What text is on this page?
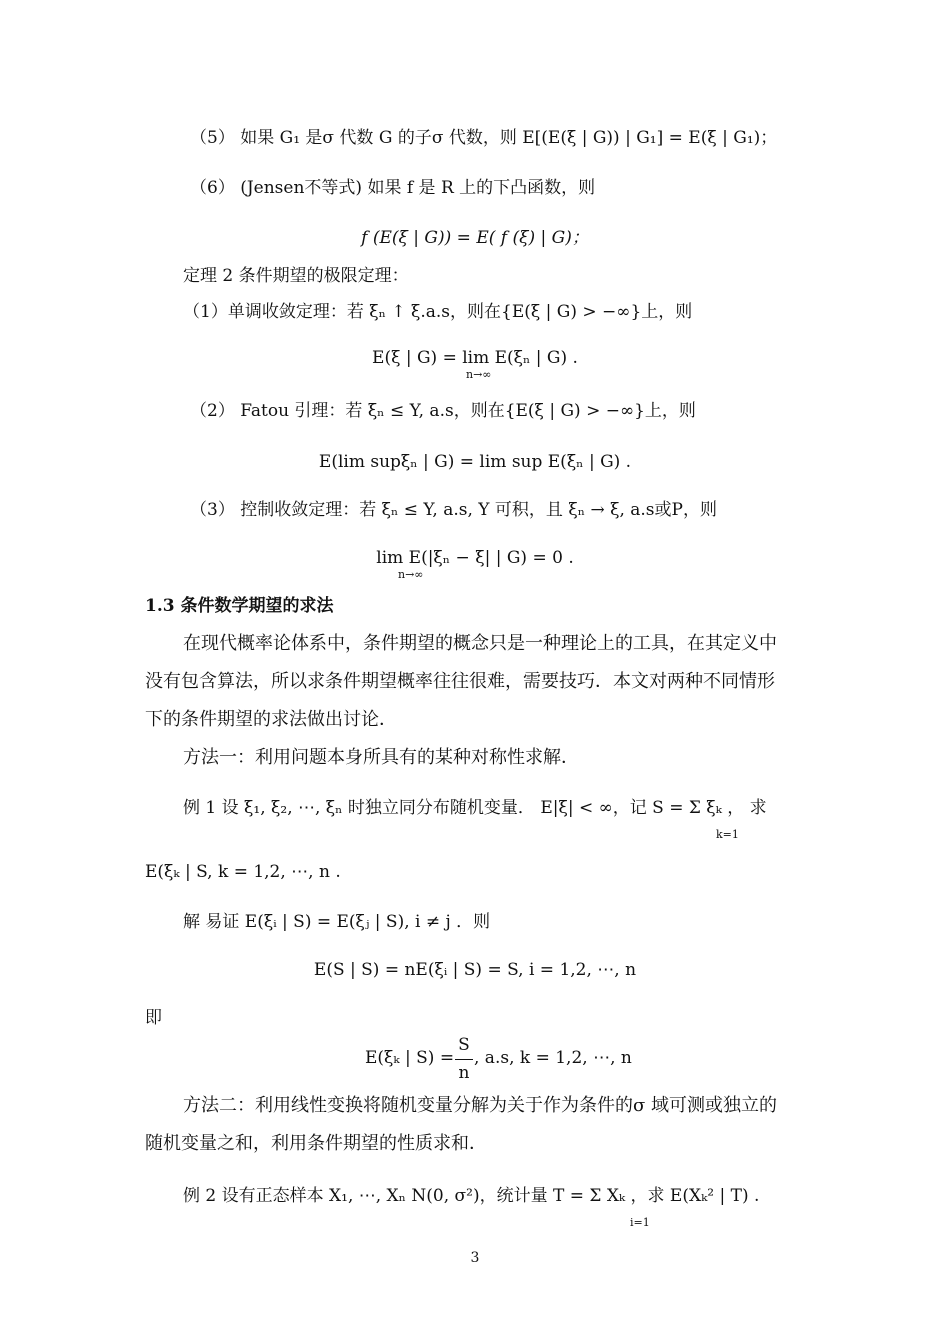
（5） 如果 G₁ 是σ 代数 G 的子σ 代数，则 E[(E(ξ | G)) | G₁] = E(ξ | G₁)；
（6） (Jensen不等式) 如果 f 是 R 上的下凸函数，则
f (E(ξ | G)) = E( f (ξ) | G)；
定理 2 条件期望的极限定理：
（1）单调收敛定理：若 ξₙ ↑ ξ.a.s，则在{E(ξ | G) > −∞}上，则
E(ξ | G) = lim E(ξₙ | G) .
n→∞
（2） Fatou 引理：若 ξₙ ≤ Y, a.s，则在{E(ξ | G) > −∞}上，则
E(lim supξₙ | G) = lim sup E(ξₙ | G) .
（3） 控制收敛定理：若 ξₙ ≤ Y, a.s, Y 可积，且 ξₙ → ξ, a.s或P，则
lim E(|ξₙ − ξ| | G) = 0 .
n→∞
1.3 条件数学期望的求法
在现代概率论体系中，条件期望的概念只是一种理论上的工具，在其定义中
没有包含算法，所以求条件期望概率往往很难，需要技巧．本文对两种不同情形
下的条件期望的求法做出讨论．
方法一：利用问题本身所具有的某种对称性求解．
例 1 设 ξ₁, ξ₂, ⋯, ξₙ 时独立同分布随机变量． E|ξ| < ∞，记 S = Σ ξₖ ， 求
k=1
E(ξₖ | S, k = 1,2, ⋯, n .
解 易证 E(ξᵢ | S) = E(ξⱼ | S), i ≠ j ．则
E(S | S) = nE(ξᵢ | S) = S, i = 1,2, ⋯, n
即
E(ξₖ | S) =
S
n
, a.s, k = 1,2, ⋯, n
方法二：利用线性变换将随机变量分解为关于作为条件的σ 域可测或独立的
随机变量之和，利用条件期望的性质求和．
例 2 设有正态样本 X₁, ⋯, Xₙ N(0, σ²)，统计量 T = Σ Xₖ ，求 E(Xₖ² | T) .
i=1
3
